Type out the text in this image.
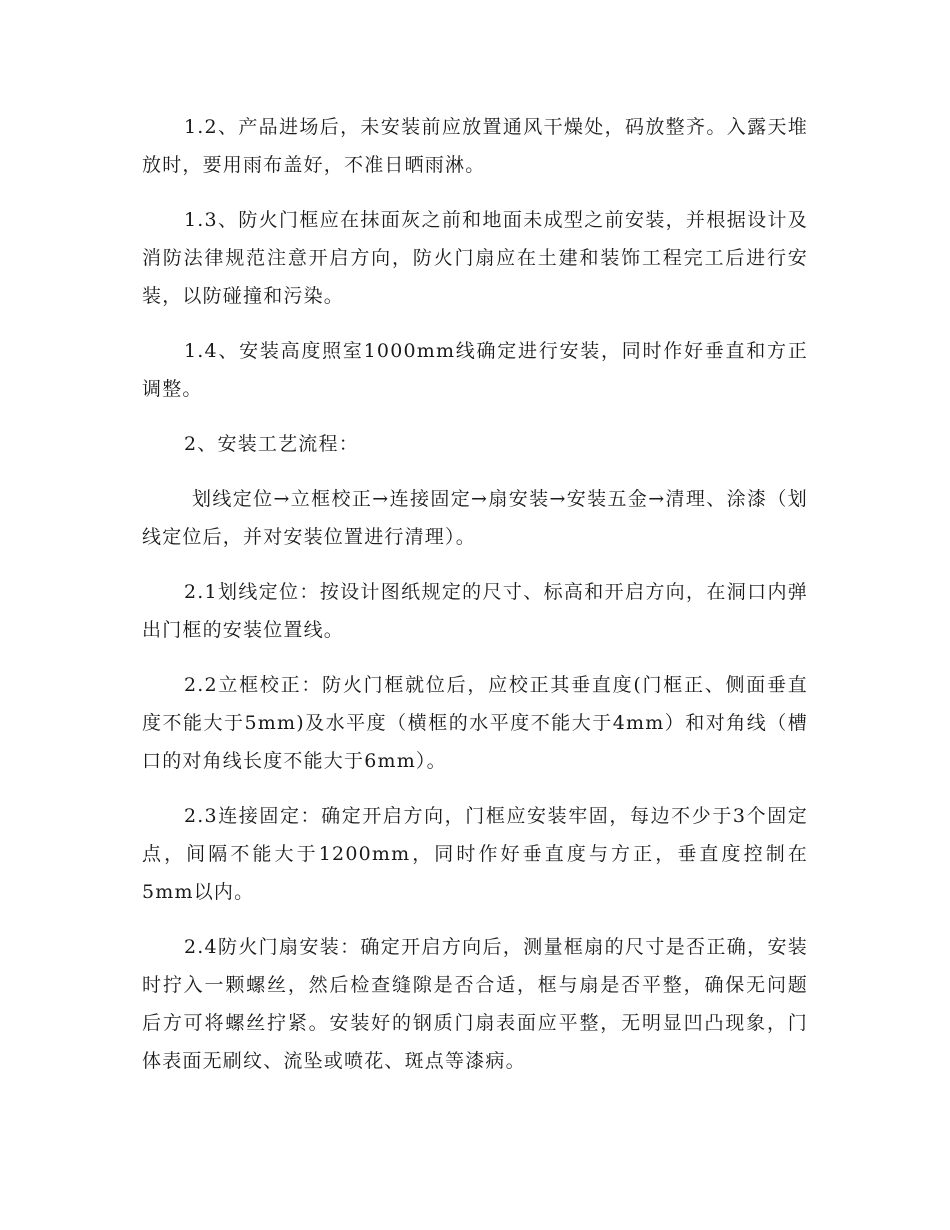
1.2、产品进场后，未安装前应放置通风干燥处，码放整齐。入露天堆放时，要用雨布盖好，不准日晒雨淋。

1.3、防火门框应在抹面灰之前和地面未成型之前安装，并根据设计及消防法律规范注意开启方向，防火门扇应在土建和装饰工程完工后进行安装，以防碰撞和污染。

1.4、安装高度照室1000mm线确定进行安装，同时作好垂直和方正调整。

2、安装工艺流程：

划线定位→立框校正→连接固定→扇安装→安装五金→清理、涂漆（划线定位后，并对安装位置进行清理）。

2.1划线定位：按设计图纸规定的尺寸、标高和开启方向，在洞口内弹出门框的安装位置线。

2.2立框校正：防火门框就位后，应校正其垂直度(门框正、侧面垂直度不能大于5mm)及水平度（横框的水平度不能大于4mm）和对角线（槽口的对角线长度不能大于6mm）。

2.3连接固定：确定开启方向，门框应安装牢固，每边不少于3个固定点，间隔不能大于1200mm，同时作好垂直度与方正，垂直度控制在5mm以内。

2.4防火门扇安装：确定开启方向后，测量框扇的尺寸是否正确，安装时拧入一颗螺丝，然后检查缝隙是否合适，框与扇是否平整，确保无问题后方可将螺丝拧紧。安装好的钢质门扇表面应平整，无明显凹凸现象，门体表面无刷纹、流坠或喷花、斑点等漆病。
